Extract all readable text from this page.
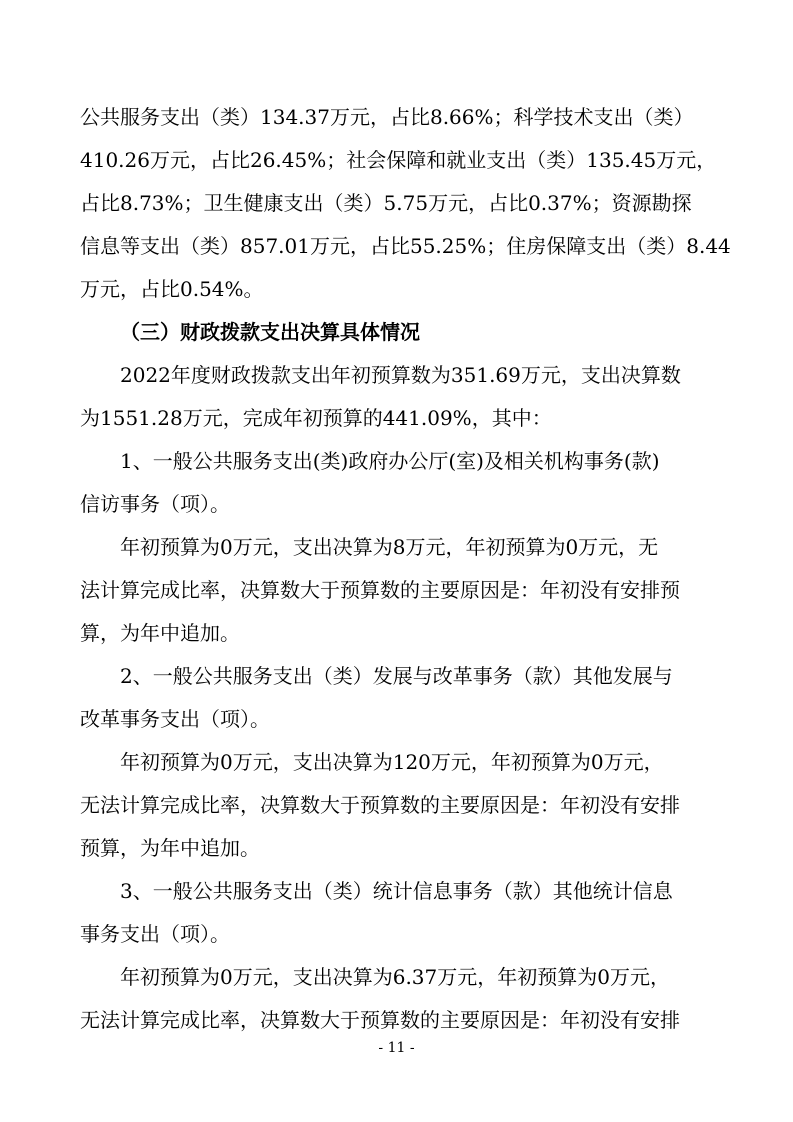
公共服务支出（类）134.37万元，占比8.66%；科学技术支出（类）
410.26万元，占比26.45%；社会保障和就业支出（类）135.45万元，
占比8.73%；卫生健康支出（类）5.75万元，占比0.37%；资源勘探
信息等支出（类）857.01万元，占比55.25%；住房保障支出（类）8.44
万元，占比0.54%。
（三）财政拨款支出决算具体情况
2022年度财政拨款支出年初预算数为351.69万元，支出决算数
为1551.28万元，完成年初预算的441.09%，其中：
1、一般公共服务支出(类)政府办公厅(室)及相关机构事务(款)
信访事务（项）。
年初预算为0万元，支出决算为8万元，年初预算为0万元，无
法计算完成比率，决算数大于预算数的主要原因是：年初没有安排预
算，为年中追加。
2、一般公共服务支出（类）发展与改革事务（款）其他发展与
改革事务支出（项）。
年初预算为0万元，支出决算为120万元，年初预算为0万元，
无法计算完成比率，决算数大于预算数的主要原因是：年初没有安排
预算，为年中追加。
3、一般公共服务支出（类）统计信息事务（款）其他统计信息
事务支出（项）。
年初预算为0万元，支出决算为6.37万元，年初预算为0万元，
无法计算完成比率，决算数大于预算数的主要原因是：年初没有安排
- 11 -
